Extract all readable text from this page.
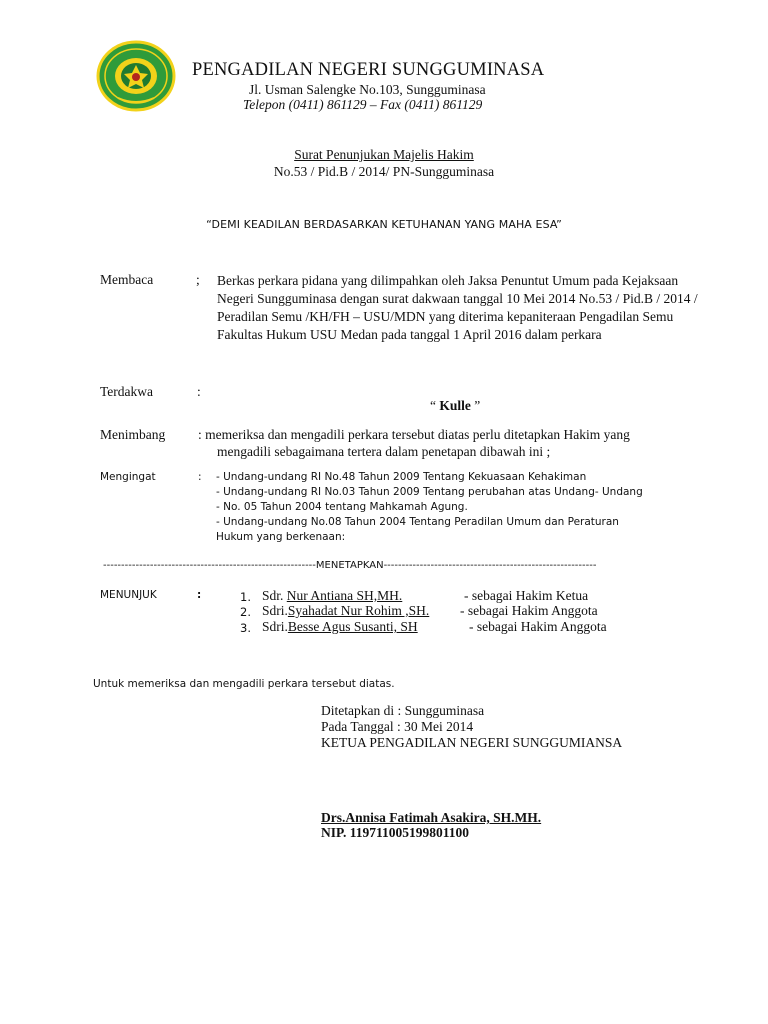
PENGADILAN NEGERI SUNGGUMINASA
Jl. Usman Salengke No.103, Sungguminasa
Telepon (0411) 861129 – Fax (0411) 861129
Surat Penunjukan Majelis Hakim
No.53 / Pid.B / 2014/ PN-Sungguminasa
“DEMI KEADILAN BERDASARKAN KETUHANAN YANG MAHA ESA”
Membaca	; Berkas perkara pidana yang dilimpahkan oleh Jaksa Penuntut Umum pada Kejaksaan Negeri Sungguminasa dengan surat dakwaan tanggal 10 Mei 2014 No.53 / Pid.B / 2014 / Peradilan Semu /KH/FH – USU/MDN yang diterima kepaniteraan Pengadilan Semu Fakultas Hukum USU Medan pada tanggal 1 April 2016 dalam perkara
Terdakwa	:
“ Kulle ”
Menimbang : memeriksa dan mengadili perkara tersebut diatas perlu ditetapkan Hakim yang
mengadili sebagaimana tertera dalam penetapan dibawah ini ;
Mengingat	: - Undang-undang RI No.48 Tahun 2009 Tentang Kekuasaan Kehakiman
- Undang-undang RI No.03 Tahun 2009 Tentang perubahan atas Undang- Undang
- No. 05 Tahun 2004 tentang Mahkamah Agung.
- Undang-undang No.08 Tahun 2004 Tentang Peradilan Umum dan Peraturan
Hukum yang berkenaan:
-----------------------------------------------------------MENETAPKAN-----------------------------------------------------------
MENUNJUK	:	1. Sdr. Nur Antiana SH,MH.	- sebagai Hakim Ketua
2. Sdri.Syahadat Nur Rohim ,SH. - sebagai Hakim Anggota
3. Sdri.Besse Agus Susanti, SH	- sebagai Hakim Anggota
Untuk memeriksa dan mengadili perkara tersebut diatas.
Ditetapkan di : Sungguminasa
Pada Tanggal : 30 Mei 2014
KETUA PENGADILAN NEGERI SUNGGUMIANSA
Drs.Annisa Fatimah Asakira, SH.MH.
NIP. 119711005199801100
